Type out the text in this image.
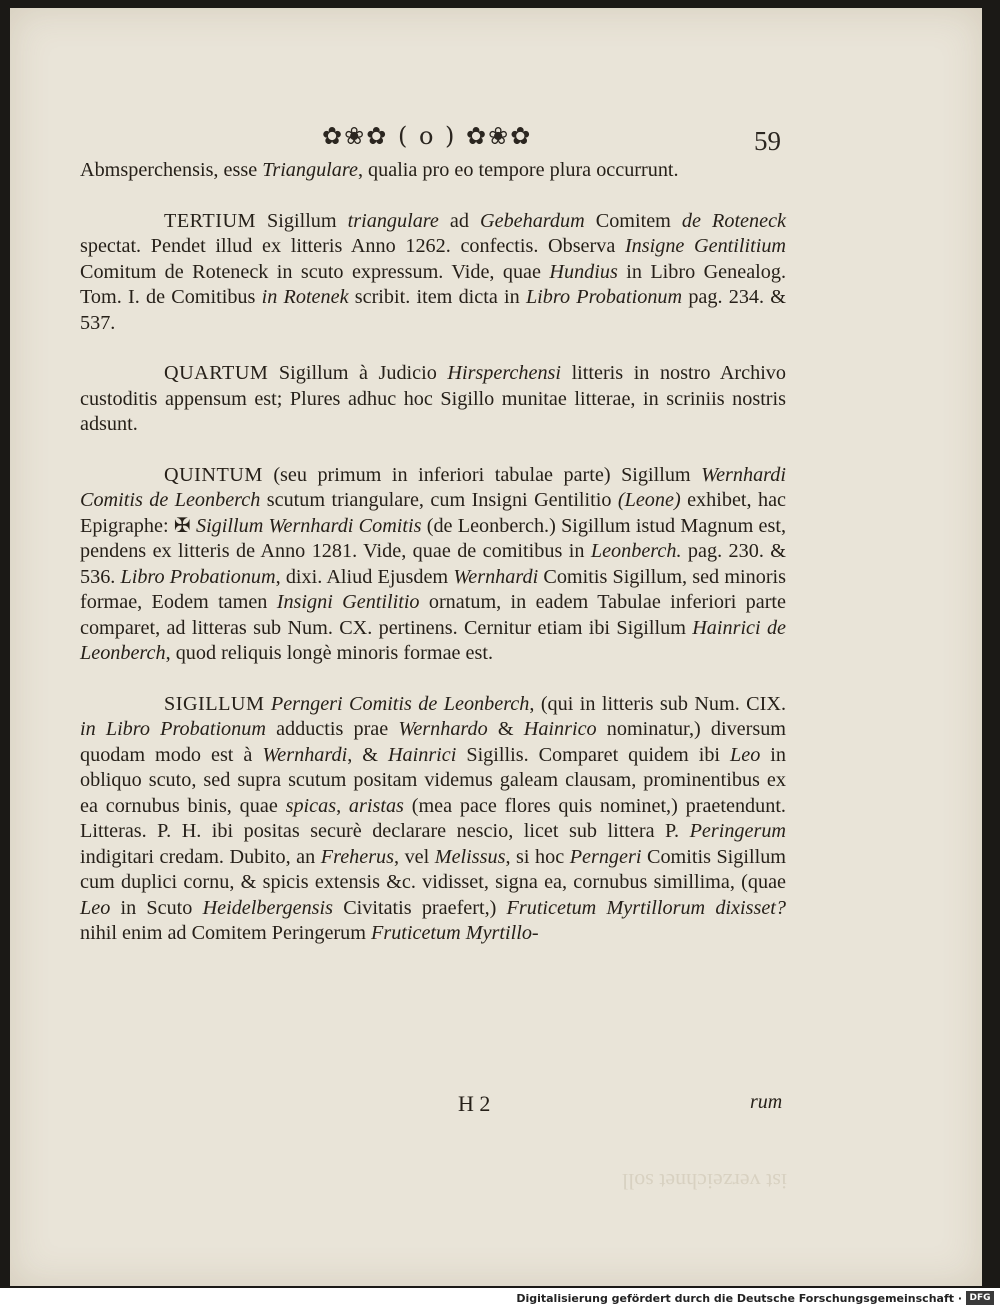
✿❀✿ ( o ) ✿❀✿	59

Abmsperchensis, esse Triangulare, qualia pro eo tempore plura occurrunt.

TERTIUM Sigillum triangulare ad Gebehardum Comitem de Roteneck spectat. Pendet illud ex litteris Anno 1262. confectis. Observa Insigne Gentilitium Comitum de Roteneck in scuto expressum. Vide, quae Hundius in Libro Genealog. Tom. I. de Comitibus in Rotenek scribit. item dicta in Libro Probationum pag. 234. & 537.

QUARTUM Sigillum à Judicio Hirsperchensi litteris in nostro Archivo custoditis appensum est; Plures adhuc hoc Sigillo munitae litterae, in scriniis nostris adsunt.

QUINTUM (seu primum in inferiori tabulae parte) Sigillum Wernhardi Comitis de Leonberch scutum triangulare, cum Insigni Gentilitio (Leone) exhibet, hac Epigraphe: ✠ Sigillum Wernhardi Comitis (de Leonberch.) Sigillum istud Magnum est, pendens ex litteris de Anno 1281. Vide, quae de comitibus in Leonberch. pag. 230. & 536. Libro Probationum, dixi. Aliud Ejusdem Wernhardi Comitis Sigillum, sed minoris formae, Eodem tamen Insigni Gentilitio ornatum, in eadem Tabulae inferiori parte comparet, ad litteras sub Num. CX. pertinens. Cernitur etiam ibi Sigillum Hainrici de Leonberch, quod reliquis longè minoris formae est.

SIGILLUM Perngeri Comitis de Leonberch, (qui in litteris sub Num. CIX. in Libro Probationum adductis prae Wernhardo & Hainrico nominatur,) diversum quodam modo est à Wernhardi, & Hainrici Sigillis. Comparet quidem ibi Leo in obliquo scuto, sed supra scutum positam videmus galeam clausam, prominentibus ex ea cornubus binis, quae spicas, aristas (mea pace flores quis nominet,) praetendunt. Litteras. P. H. ibi positas securè declarare nescio, licet sub littera P. Peringerum indigitari credam. Dubito, an Freherus, vel Melissus, si hoc Perngeri Comitis Sigillum cum duplici cornu, & spicis extensis &c. vidisset, signa ea, cornubus simillima, (quae Leo in Scuto Heidelbergensis Civitatis praefert,) Fruticetum Myrtillorum dixisset? nihil enim ad Comitem Peringerum Fruticetum Myrtillo-

H 2	rum
ist verzeichnet soll
Digitalisierung gefördert durch die Deutsche Forschungsgemeinschaft · DFG
